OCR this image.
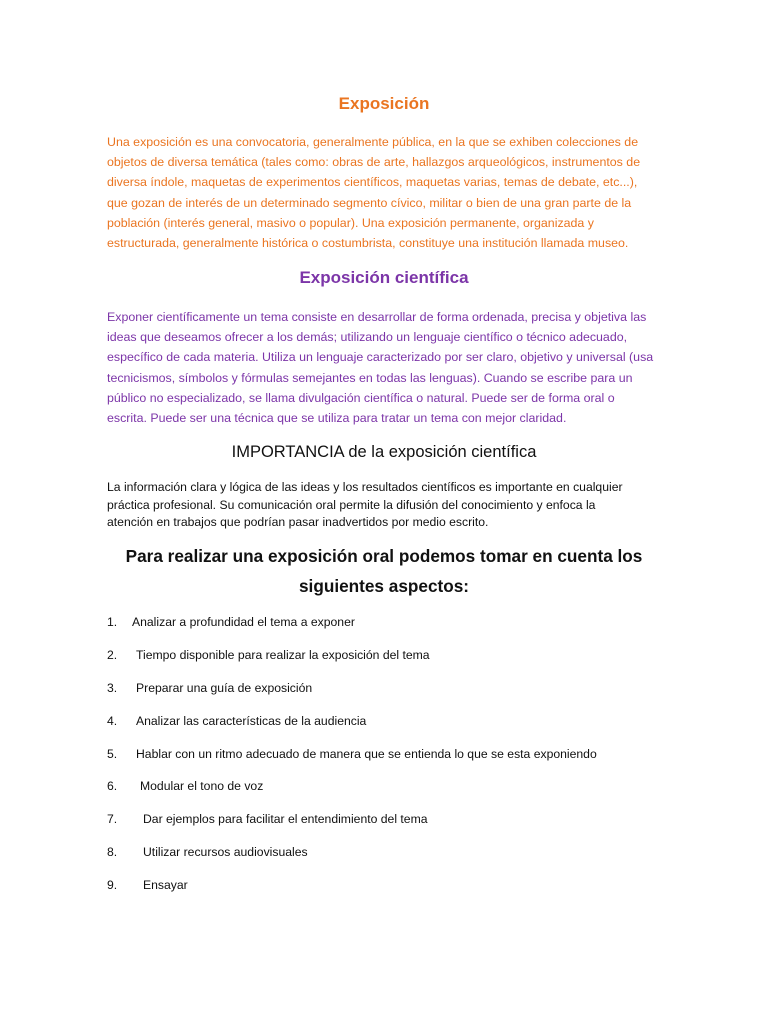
Exposición
Una exposición es una convocatoria, generalmente pública, en la que se exhiben colecciones de
objetos de diversa temática (tales como: obras de arte, hallazgos arqueológicos, instrumentos de
diversa índole, maquetas de experimentos científicos, maquetas varias, temas de debate, etc...),
que gozan de interés de un determinado segmento cívico, militar o bien de una gran parte de la
población (interés general, masivo o popular). Una exposición permanente, organizada y
estructurada, generalmente histórica o costumbrista, constituye una institución llamada museo.
Exposición científica
Exponer científicamente un tema consiste en desarrollar de forma ordenada, precisa y objetiva las
ideas que deseamos ofrecer a los demás; utilizando un lenguaje científico o técnico adecuado,
específico de cada materia. Utiliza un lenguaje caracterizado por ser claro, objetivo y universal (usa
tecnicismos, símbolos y fórmulas semejantes en todas las lenguas). Cuando se escribe para un
público no especializado, se llama divulgación científica o natural. Puede ser de forma oral o
escrita. Puede ser una técnica que se utiliza para tratar un tema con mejor claridad.
IMPORTANCIA de la exposición científica
La información clara y lógica de las ideas y los resultados científicos es importante en cualquier
práctica profesional. Su comunicación oral permite la difusión del conocimiento y enfoca la
atención en trabajos que podrían pasar inadvertidos por medio escrito.
Para realizar una exposición oral podemos tomar en cuenta los
siguientes aspectos:
1. Analizar a profundidad el tema a exponer
2. Tiempo disponible para realizar la exposición del tema
3. Preparar una guía de exposición
4. Analizar las características de la audiencia
5. Hablar con un ritmo adecuado de manera que se entienda lo que se esta exponiendo
6. Modular el tono de voz
7. Dar ejemplos para facilitar el entendimiento del tema
8. Utilizar recursos audiovisuales
9. Ensayar
